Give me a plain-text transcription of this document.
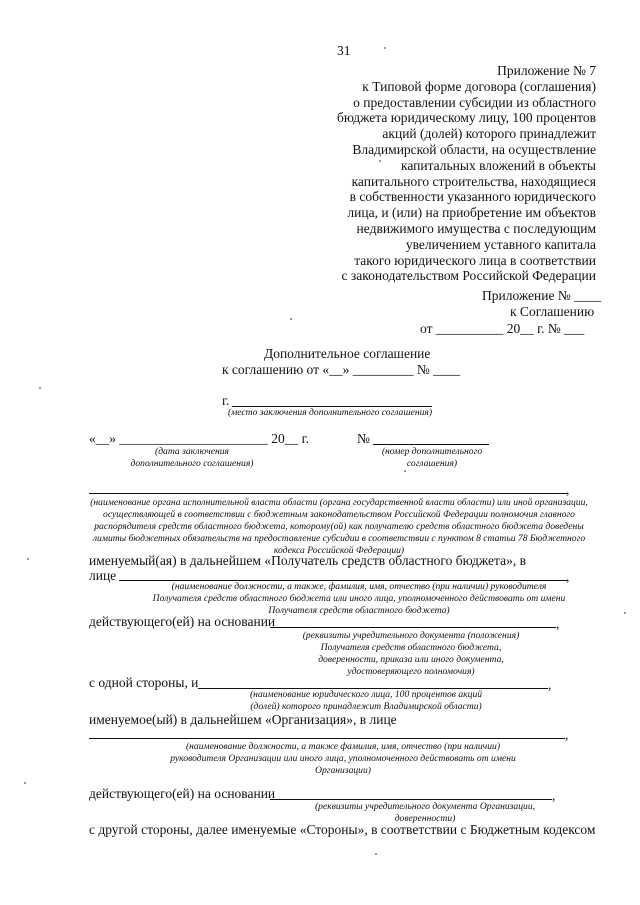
31
Приложение № 7
к Типовой форме договора (соглашения)
о предоставлении субсидии из областного
бюджета юридическому лицу, 100 процентов
акций (долей) которого принадлежит
Владимирской области, на осуществление
капитальных вложений в объекты
капитального строительства, находящиеся
в собственности указанного юридического
лица, и (или) на приобретение им объектов
недвижимого имущества с последующим
увеличением уставного капитала
такого юридического лица в соответствии
с законодательством Российской Федерации
Приложение № ____
к Соглашению
от __________ 20__ г. № ___
Дополнительное соглашение
к соглашению от «__» _________ № ____
г.
(место заключения дополнительного соглашения)
«__» ______________________ 20__ г.
(дата заключения дополнительного соглашения)
№
(номер дополнительного соглашения)
,
(наименование органа исполнительной власти области (органа государственной власти области) или иной организации, осуществляющей в соответствии с бюджетным законодательством Российской Федерации полномочия главного распорядителя средств областного бюджета, которому(ой) как получателю средств областного бюджета доведены лимиты бюджетных обязательств на предоставление субсидии в соответствии с пунктом 8 статьи 78 Бюджетного кодекса Российской Федерации)
именуемый(ая) в дальнейшем «Получатель средств областного бюджета», в
лице	,
(наименование должности, а также, фамилия, имя, отчество (при наличии) руководителя Получателя средств областного бюджета или иного лица, уполномоченного действовать от имени Получателя средств областного бюджета)
действующего(ей) на основании	,
(реквизиты учредительного документа (положения) Получателя средств областного бюджета, доверенности, приказа или иного документа, удостоверяющего полномочия)
с одной стороны, и	,
(наименование юридического лица, 100 процентов акций (долей) которого принадлежит Владимирской области)
именуемое(ый) в дальнейшем «Организация», в лице
,
(наименование должности, а также фамилия, имя, отчество (при наличии) руководителя Организации или иного лица, уполномоченного действовать от имени Организации)
действующего(ей) на основании	,
(реквизиты учредительного документа Организации, доверенности)
с другой стороны, далее именуемые «Стороны», в соответствии с Бюджетным кодексом
